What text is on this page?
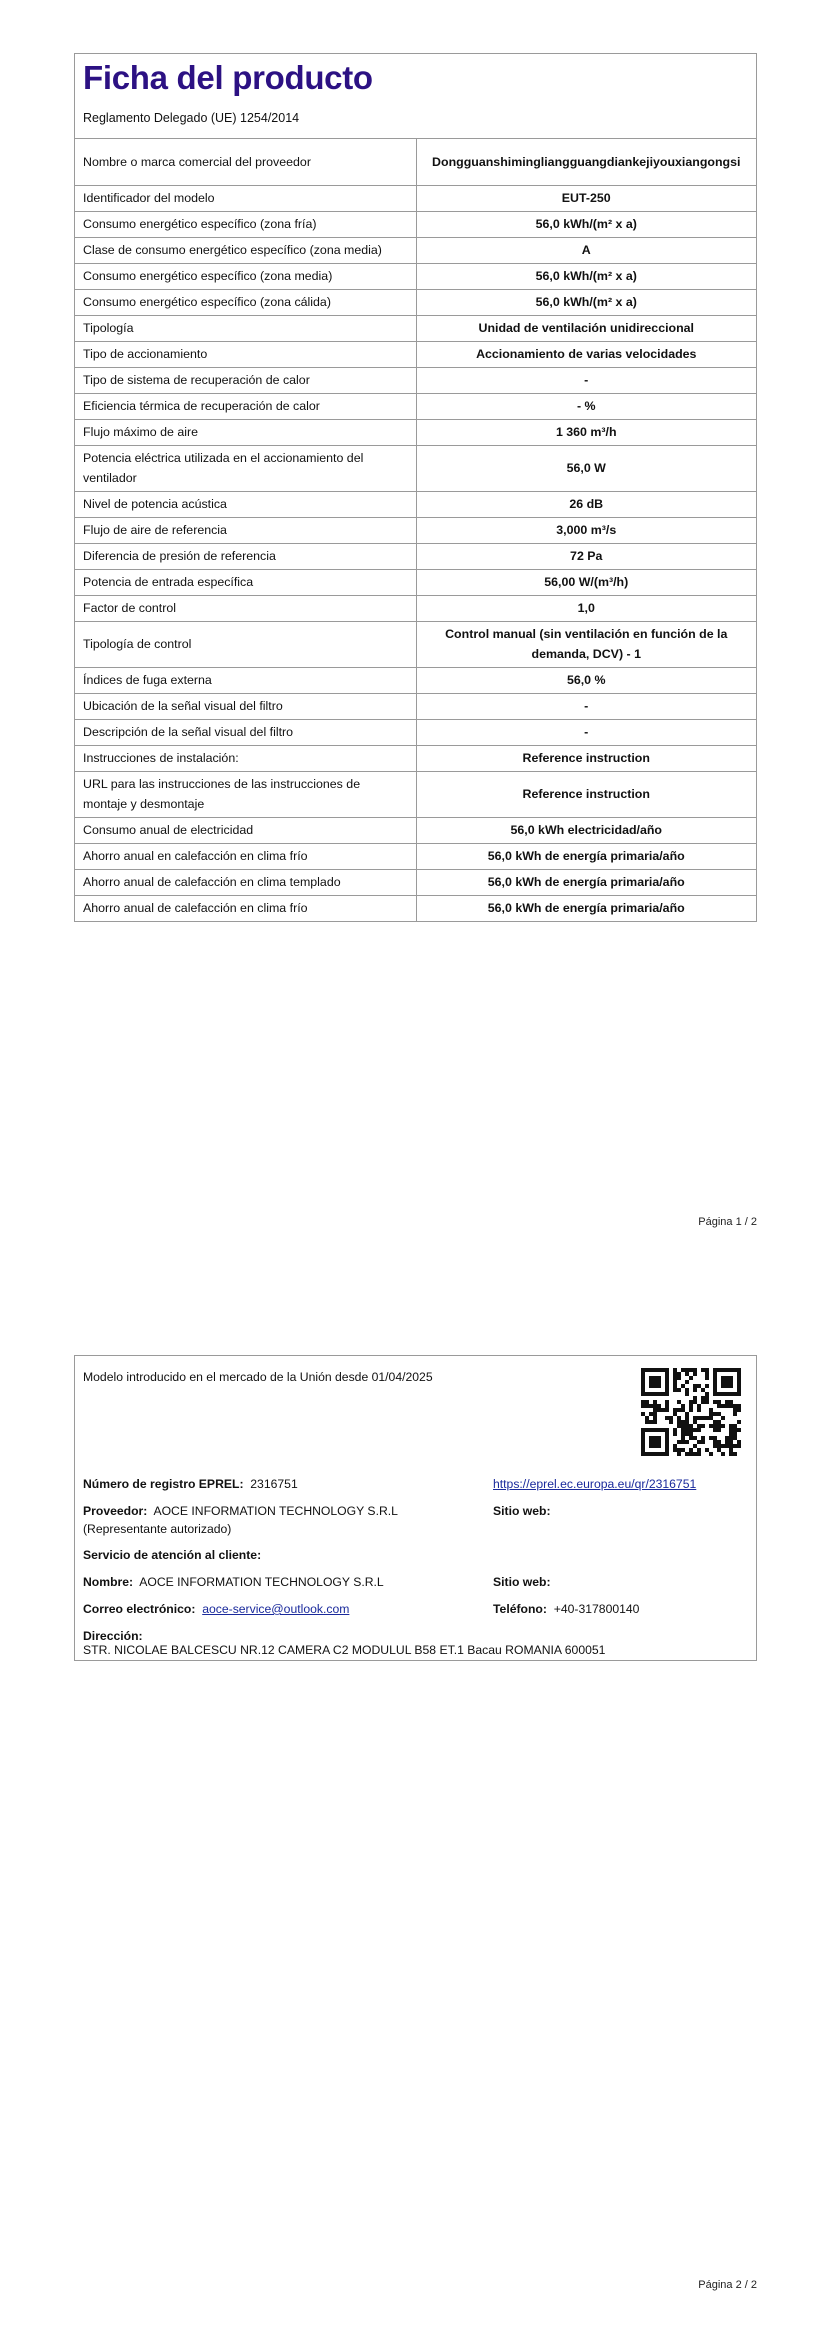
Ficha del producto
Reglamento Delegado (UE) 1254/2014
Nombre o marca comercial del proveedor	Dongguanshimingliangguangdiankejiyouxiangongsi
Identificador del modelo	EUT-250
Consumo energético específico (zona fría)	56,0 kWh/(m² x a)
Clase de consumo energético específico (zona media)	A
Consumo energético específico (zona media)	56,0 kWh/(m² x a)
Consumo energético específico (zona cálida)	56,0 kWh/(m² x a)
Tipología	Unidad de ventilación unidireccional
Tipo de accionamiento	Accionamiento de varias velocidades
Tipo de sistema de recuperación de calor	-
Eficiencia térmica de recuperación de calor	- %
Flujo máximo de aire	1 360 m³/h
Potencia eléctrica utilizada en el accionamiento del ventilador	56,0 W
Nivel de potencia acústica	26 dB
Flujo de aire de referencia	3,000 m³/s
Diferencia de presión de referencia	72 Pa
Potencia de entrada específica	56,00 W/(m³/h)
Factor de control	1,0
Tipología de control	Control manual (sin ventilación en función de la demanda, DCV) - 1
Índices de fuga externa	56,0 %
Ubicación de la señal visual del filtro	-
Descripción de la señal visual del filtro	-
Instrucciones de instalación:	Reference instruction
URL para las instrucciones de las instrucciones de montaje y desmontaje	Reference instruction
Consumo anual de electricidad	56,0 kWh electricidad/año
Ahorro anual en calefacción en clima frío	56,0 kWh de energía primaria/año
Ahorro anual de calefacción en clima templado	56,0 kWh de energía primaria/año
Ahorro anual de calefacción en clima frío	56,0 kWh de energía primaria/año
Página 1 / 2
Modelo introducido en el mercado de la Unión desde 01/04/2025
Número de registro EPREL: 2316751	https://eprel.ec.europa.eu/qr/2316751
Proveedor: AOCE INFORMATION TECHNOLOGY S.R.L (Representante autorizado)
Sitio web:
Servicio de atención al cliente:
Nombre: AOCE INFORMATION TECHNOLOGY S.R.L	Sitio web:
Correo electrónico: aoce-service@outlook.com	Teléfono: +40-317800140
Dirección:
STR. NICOLAE BALCESCU NR.12 CAMERA C2 MODULUL B58 ET.1 Bacau ROMANIA 600051
Página 2 / 2
